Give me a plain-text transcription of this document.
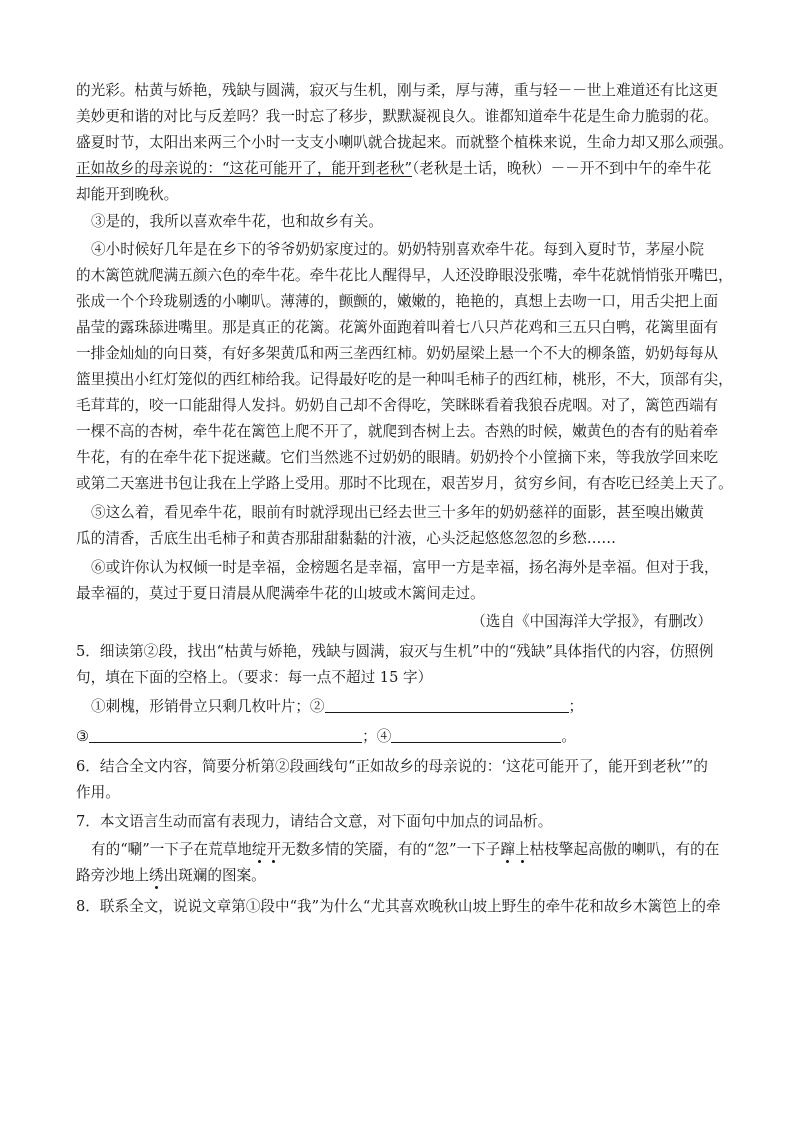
的光彩。枯黄与娇艳，残缺与圆满，寂灭与生机，刚与柔，厚与薄，重与轻－－世上难道还有比这更
美妙更和谐的对比与反差吗？我一时忘了移步，默默凝视良久。谁都知道牵牛花是生命力脆弱的花。
盛夏时节，太阳出来两三个小时一支支小喇叭就合拢起来。而就整个植株来说，生命力却又那么顽强。
正如故乡的母亲说的：“这花可能开了，能开到老秋”（老秋是土话，晚秋）－－开不到中午的牵牛花
却能开到晚秋。
③是的，我所以喜欢牵牛花，也和故乡有关。
④小时候好几年是在乡下的爷爷奶奶家度过的。奶奶特别喜欢牵牛花。每到入夏时节，茅屋小院
的木篱笆就爬满五颜六色的牵牛花。牵牛花比人醒得早，人还没睁眼没张嘴，牵牛花就悄悄张开嘴巴，
张成一个个玲珑剔透的小喇叭。薄薄的，颤颤的，嫩嫩的，艳艳的，真想上去吻一口，用舌尖把上面
晶莹的露珠舔进嘴里。那是真正的花篱。花篱外面跑着叫着七八只芦花鸡和三五只白鸭，花篱里面有
一排金灿灿的向日葵，有好多架黄瓜和两三垄西红柿。奶奶屋梁上悬一个不大的柳条篮，奶奶每每从
篮里摸出小红灯笼似的西红柿给我。记得最好吃的是一种叫毛柿子的西红柿，桃形，不大，顶部有尖，
毛茸茸的，咬一口能甜得人发抖。奶奶自己却不舍得吃，笑眯眯看着我狼吞虎咽。对了，篱笆西端有
一棵不高的杏树，牵牛花在篱笆上爬不开了，就爬到杏树上去。杏熟的时候，嫩黄色的杏有的贴着牵
牛花，有的在牵牛花下捉迷藏。它们当然逃不过奶奶的眼睛。奶奶拎个小筐摘下来，等我放学回来吃
或第二天塞进书包让我在上学路上受用。那时不比现在，艰苦岁月，贫穷乡间，有杏吃已经美上天了。
⑤这么着，看见牵牛花，眼前有时就浮现出已经去世三十多年的奶奶慈祥的面影，甚至嗅出嫩黄
瓜的清香，舌底生出毛柿子和黄杏那甜甜黏黏的汁液，心头泛起悠悠忽忽的乡愁……
⑥或许你认为权倾一时是幸福，金榜题名是幸福，富甲一方是幸福，扬名海外是幸福。但对于我，
最幸福的，莫过于夏日清晨从爬满牵牛花的山坡或木篱间走过。
（选自《中国海洋大学报》，有删改）
5．细读第②段，找出“枯黄与娇艳，残缺与圆满，寂灭与生机”中的“残缺”具体指代的内容，仿照例
句，填在下面的空格上。（要求：每一点不超过 15 字）
①刺槐，形销骨立只剩几枚叶片；②	；
③	；④	。
6．结合全文内容，简要分析第②段画线句“正如故乡的母亲说的：‘这花可能开了，能开到老秋’”的
作用。
7．本文语言生动而富有表现力，请结合文意，对下面句中加点的词品析。
有的“唰”一下子在荒草地绽开无数多情的笑靥，有的“忽”一下子蹿上枯枝擎起高傲的喇叭，有的在
路旁沙地上绣出斑斓的图案。
8．联系全文，说说文章第①段中“我”为什么“尤其喜欢晚秋山坡上野生的牵牛花和故乡木篱笆上的牵
